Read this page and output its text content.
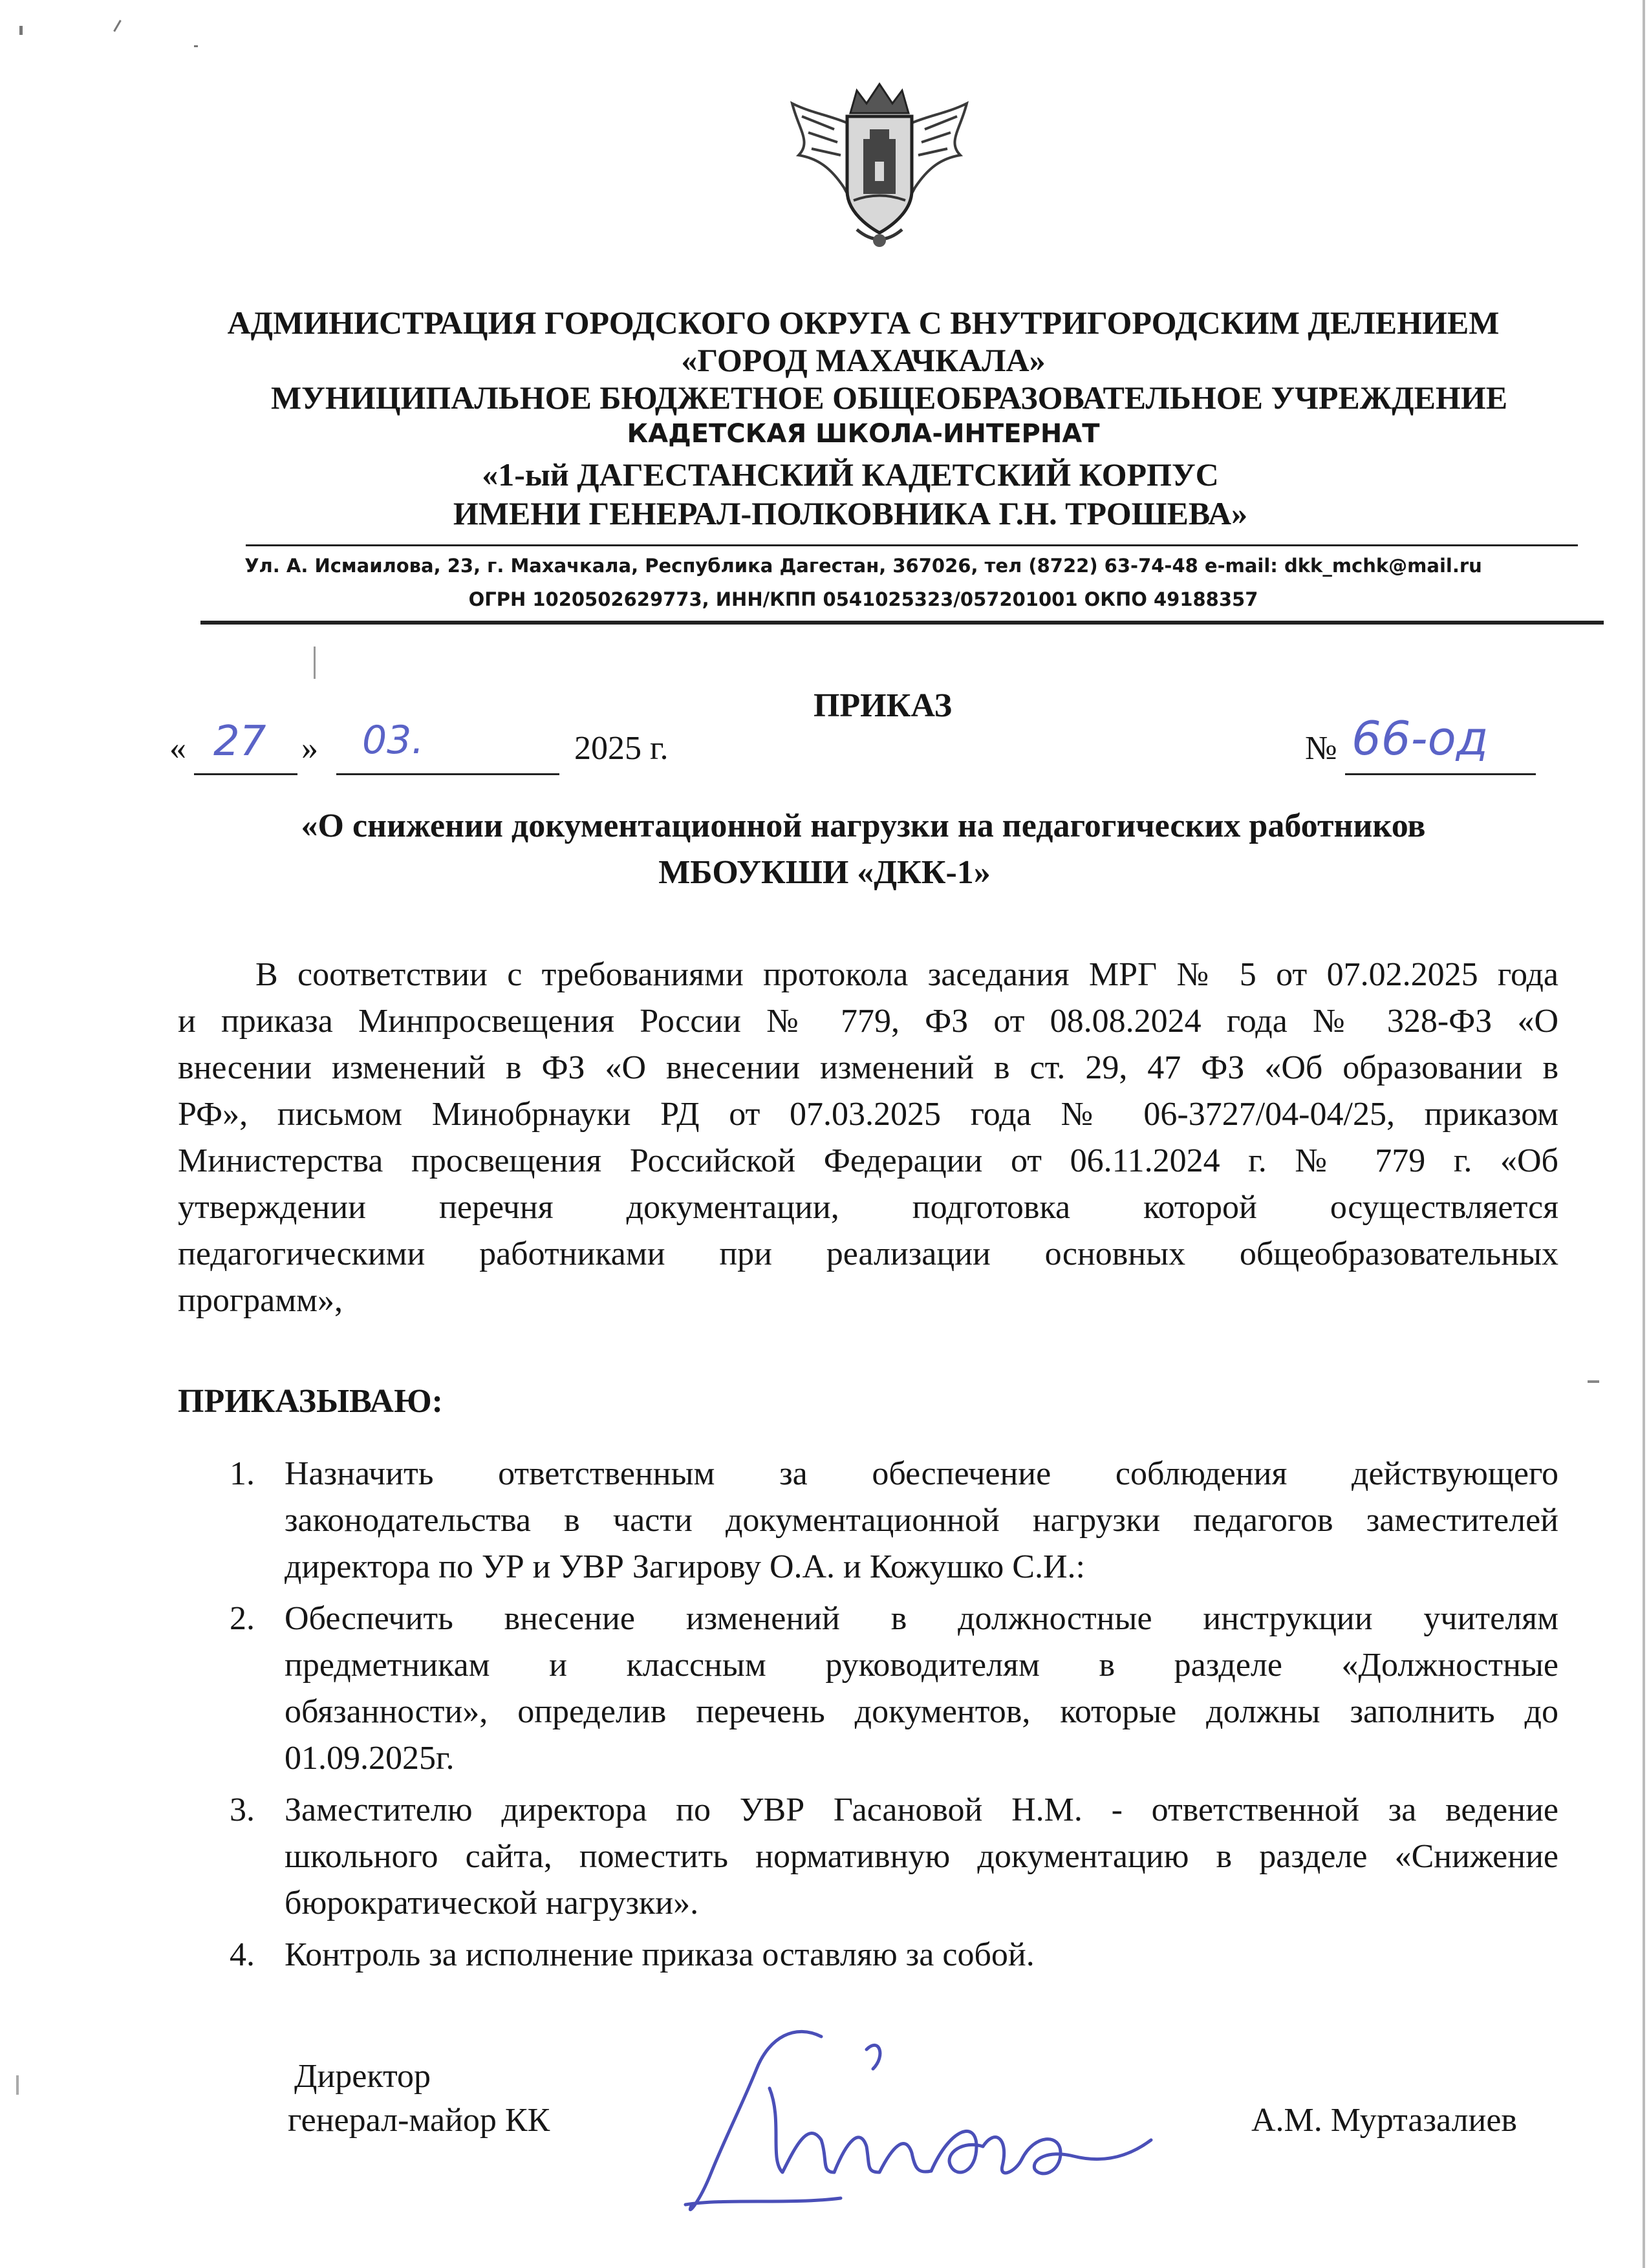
АДМИНИСТРАЦИЯ ГОРОДСКОГО ОКРУГА С ВНУТРИГОРОДСКИМ ДЕЛЕНИЕМ
«ГОРОД МАХАЧКАЛА»
МУНИЦИПАЛЬНОЕ БЮДЖЕТНОЕ ОБЩЕОБРАЗОВАТЕЛЬНОЕ УЧРЕЖДЕНИЕ
КАДЕТСКАЯ ШКОЛА-ИНТЕРНАТ
«1-ый ДАГЕСТАНСКИЙ КАДЕТСКИЙ КОРПУС
ИМЕНИ ГЕНЕРАЛ-ПОЛКОВНИКА Г.Н. ТРОШЕВА»
Ул. А. Исмаилова, 23, г. Махачкала, Республика Дагестан, 367026, тел (8722) 63-74-48 e-mail: dkk_mchk@mail.ru
ОГРН 1020502629773, ИНН/КПП 0541025323/057201001 ОКПО 49188357
ПРИКАЗ
« 27 » 03.	2025 г.	№ 66-од
«О снижении документационной нагрузки на педагогических работников
МБОУКШИ «ДКК-1»
В соответствии с требованиями протокола заседания МРГ № 5 от 07.02.2025 года
и приказа Минпросвещения России № 779, ФЗ от 08.08.2024 года № 328-ФЗ «О
внесении изменений в ФЗ «О внесении изменений в ст. 29, 47 ФЗ «Об образовании в
РФ», письмом Минобрнауки РД от 07.03.2025 года № 06-3727/04-04/25, приказом
Министерства просвещения Российской Федерации от 06.11.2024 г. № 779 г. «Об
утверждении перечня документации, подготовка которой осуществляется
педагогическими работниками при реализации основных общеобразовательных
программ»,
ПРИКАЗЫВАЮ:
1. Назначить ответственным за обеспечение соблюдения действующего
законодательства в части документационной нагрузки педагогов заместителей
директора по УР и УВР Загирову О.А. и Кожушко С.И.:
2. Обеспечить внесение изменений в должностные инструкции учителям
предметникам и классным руководителям в разделе «Должностные
обязанности», определив перечень документов, которые должны заполнить до
01.09.2025г.
3. Заместителю директора по УВР Гасановой Н.М. - ответственной за ведение
школьного сайта, поместить нормативную документацию в разделе «Снижение
бюрократической нагрузки».
4. Контроль за исполнение приказа оставляю за собой.
Директор
генерал-майор КК	А.М. Муртазалиев
